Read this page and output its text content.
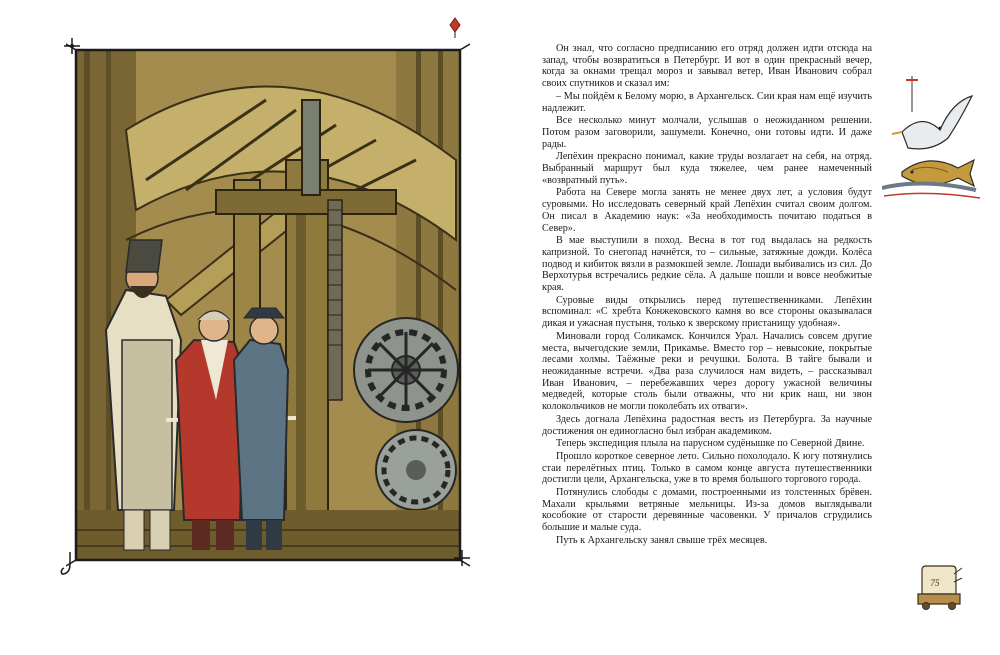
Он знал, что согласно предписанию его отряд должен идти отсюда на запад, чтобы возвратиться в Петербург. И вот в один прекрасный вечер, когда за окнами трещал мороз и завывал ветер, Иван Иванович собрал своих спутников и сказал им:

– Мы пойдём к Белому морю, в Архангельск. Сии края нам ещё изучить надлежит.

Все несколько минут молчали, услышав о неожиданном решении. Потом разом заговорили, зашумели. Конечно, они готовы идти. И даже рады.

Лепёхин прекрасно понимал, какие труды возлагает на себя, на отряд. Выбранный маршрут был куда тяжелее, чем ранее намеченный «возвратный путь».

Работа на Севере могла занять не менее двух лет, а условия будут суровыми. Но исследовать северный край Лепёхин считал своим долгом. Он писал в Академию наук: «За необходимость почитаю податься в Север».

В мае выступили в поход. Весна в тот год выдалась на редкость капризной. То снегопад начнётся, то – сильные, затяжные дожди. Колёса подвод и кибиток вязли в размокшей земле. Лошади выбивались из сил. До Верхотурья встречались редкие сёла. А дальше пошли и вовсе необжитые края.

Суровые виды открылись перед путешественниками. Лепёхин вспоминал: «С хребта Конжековского камня во все стороны оказывалася дикая и ужасная пустыня, только к зверскому пристанищу удобная».

Миновали город Соликамск. Кончился Урал. Начались совсем другие места, вычегодские земли, Прикамье. Вместо гор – невысокие, покрытые лесами холмы. Таёжные реки и речушки. Болота. В тайге бывали и неожиданные встречи. «Два раза случилося нам видеть, – рассказывал Иван Иванович, – перебежавших через дорогу ужасной величины медведей, которые столь были отважны, что ни крик наш, ни звон колокольчиков не могли поколебать их отваги».

Здесь догнала Лепёхина радостная весть из Петербурга. За научные достижения он единогласно был избран академиком.

Теперь экспедиция плыла на парусном судёнышке по Северной Двине.

Прошло короткое северное лето. Сильно похолодало. К югу потянулись стаи перелётных птиц. Только в самом конце августа путешественники достигли цели, Архангельска, уже в то время большого торгового города.

Потянулись слободы с домами, построенными из толстенных брёвен. Махали крыльями ветряные мельницы. Из-за домов выглядывали кособокие от старости деревянные часовенки. У причалов сгрудились большие и малые суда.

Путь к Архангельску занял свыше трёх месяцев.

75
